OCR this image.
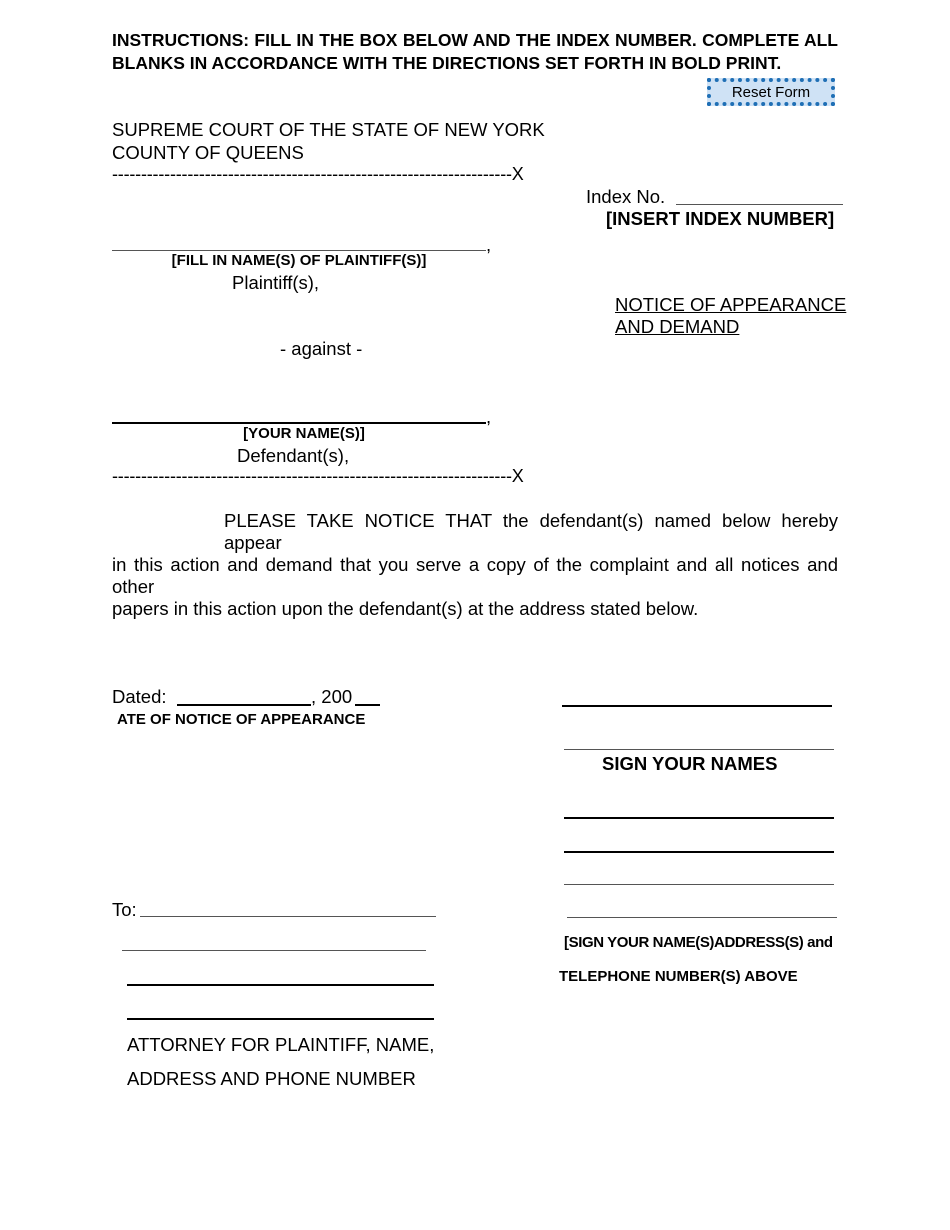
INSTRUCTIONS: FILL IN THE BOX BELOW AND THE INDEX NUMBER. COMPLETE ALL BLANKS IN ACCORDANCE WITH THE DIRECTIONS SET FORTH IN BOLD PRINT.
Reset Form
SUPREME COURT OF THE STATE OF NEW YORK
COUNTY OF QUEENS
---------------------------------------------------------------------X
Index No.
[INSERT INDEX NUMBER]
,
[FILL IN NAME(S) OF PLAINTIFF(S)]
Plaintiff(s),
NOTICE OF APPEARANCE
AND DEMAND
- against -
,
[YOUR NAME(S)]
Defendant(s),
---------------------------------------------------------------------X
PLEASE TAKE NOTICE THAT the defendant(s) named below hereby appear
in this action and demand that you serve a copy of the complaint and all notices and other
papers in this action upon the defendant(s) at the address stated below.
Dated:	, 200
ATE OF NOTICE OF APPEARANCE
SIGN YOUR NAMES
[SIGN YOUR NAME(S)ADDRESS(S) and
TELEPHONE NUMBER(S) ABOVE
To:
ATTORNEY FOR PLAINTIFF, NAME,
ADDRESS AND PHONE NUMBER
